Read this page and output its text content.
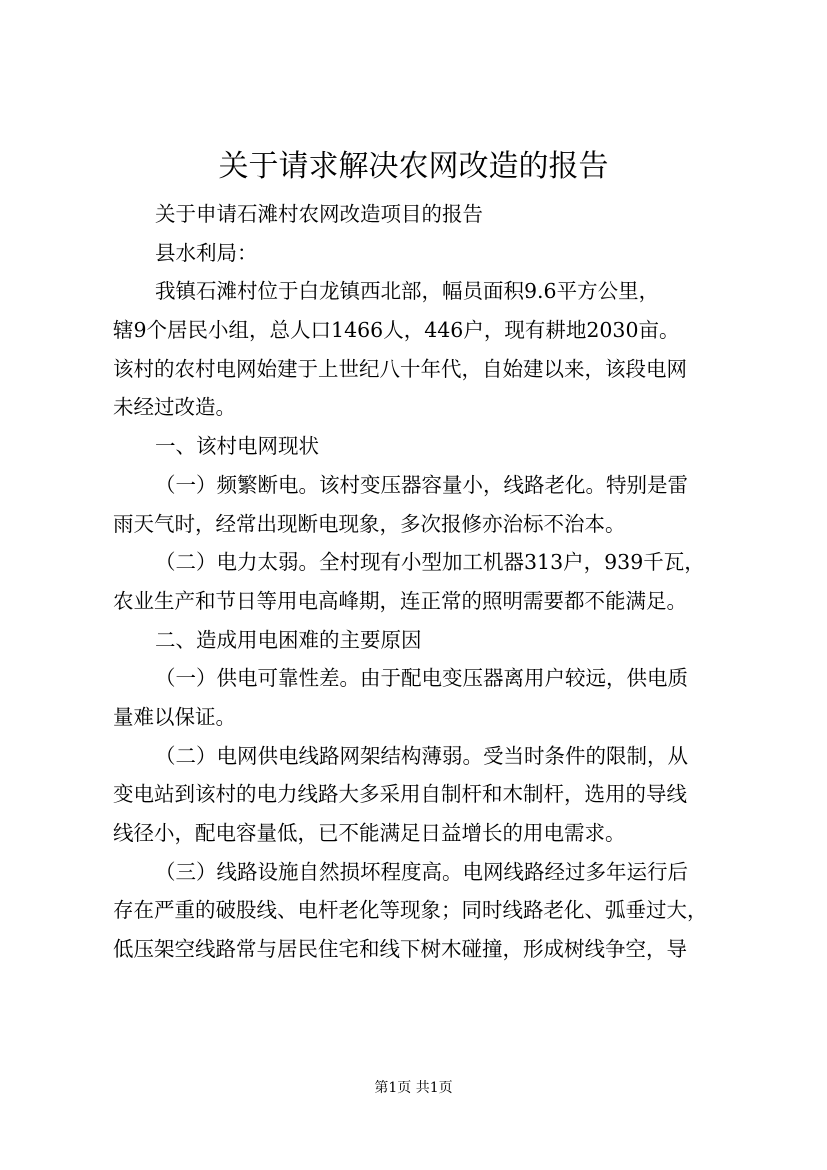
关于请求解决农网改造的报告

关于申请石滩村农网改造项目的报告

县水利局：

我镇石滩村位于白龙镇西北部，幅员面积9.6平方公里，

辖9个居民小组，总人口1466人，446户，现有耕地2030亩。

该村的农村电网始建于上世纪八十年代，自始建以来，该段电网

未经过改造。

一、该村电网现状

（一）频繁断电。该村变压器容量小，线路老化。特别是雷

雨天气时，经常出现断电现象，多次报修亦治标不治本。

（二）电力太弱。全村现有小型加工机器313户，939千瓦，

农业生产和节日等用电高峰期，连正常的照明需要都不能满足。

二、造成用电困难的主要原因

（一）供电可靠性差。由于配电变压器离用户较远，供电质

量难以保证。

（二）电网供电线路网架结构薄弱。受当时条件的限制，从

变电站到该村的电力线路大多采用自制杆和木制杆，选用的导线

线径小，配电容量低，已不能满足日益增长的用电需求。

（三）线路设施自然损坏程度高。电网线路经过多年运行后

存在严重的破股线、电杆老化等现象；同时线路老化、弧垂过大，

低压架空线路常与居民住宅和线下树木碰撞，形成树线争空，导

第1页 共1页
